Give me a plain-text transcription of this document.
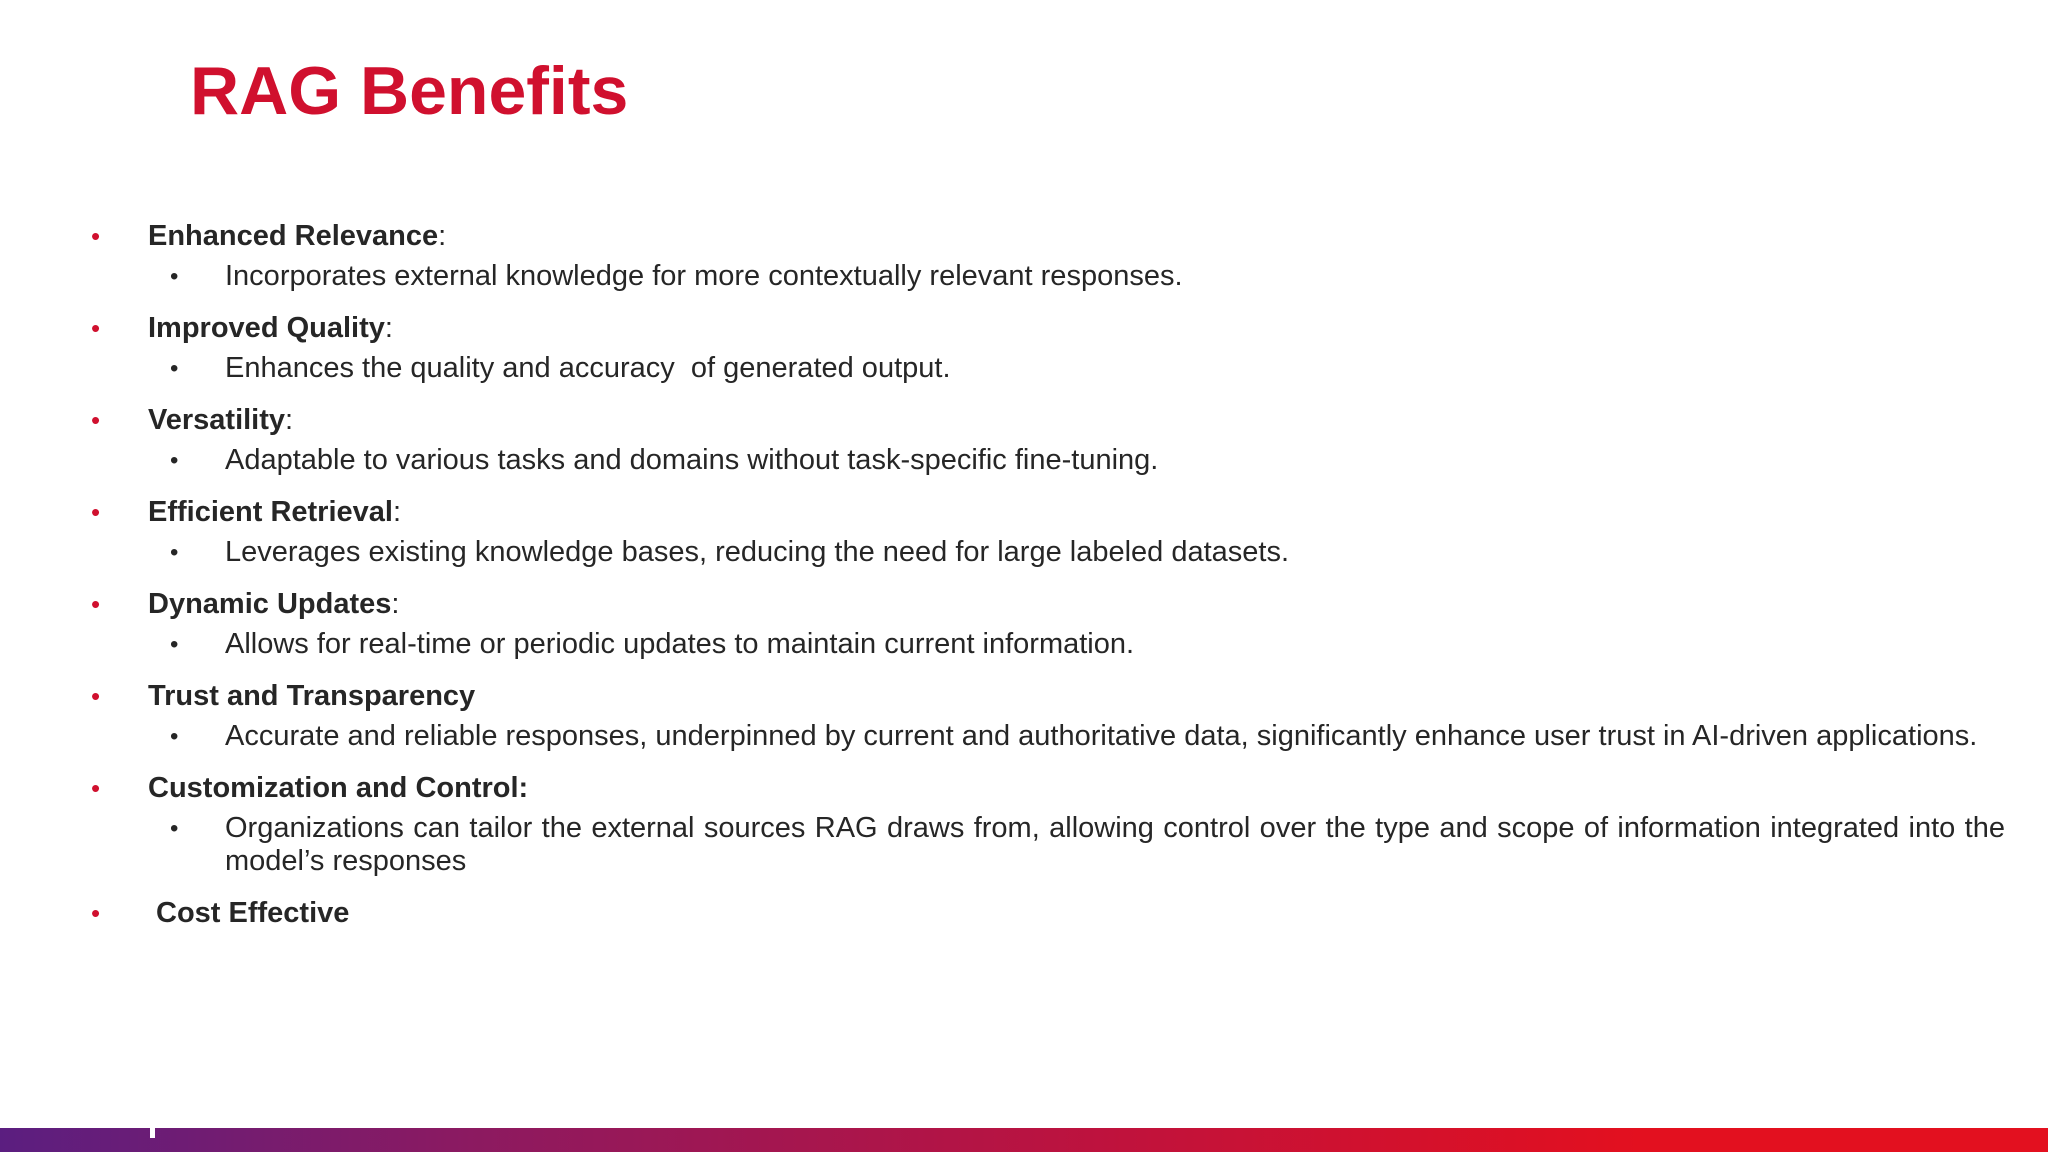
RAG Benefits
• Enhanced Relevance:
• Incorporates external knowledge for more contextually relevant responses.
• Improved Quality:
• Enhances the quality and accuracy  of generated output.
• Versatility:
• Adaptable to various tasks and domains without task-specific fine-tuning.
• Efficient Retrieval:
• Leverages existing knowledge bases, reducing the need for large labeled datasets.
• Dynamic Updates:
• Allows for real-time or periodic updates to maintain current information.
• Trust and Transparency
• Accurate and reliable responses, underpinned by current and authoritative data, significantly enhance user trust in AI-driven applications.
• Customization and Control:
• Organizations can tailor the external sources RAG draws from, allowing control over the type and scope of information integrated into the model’s responses
• Cost Effective
